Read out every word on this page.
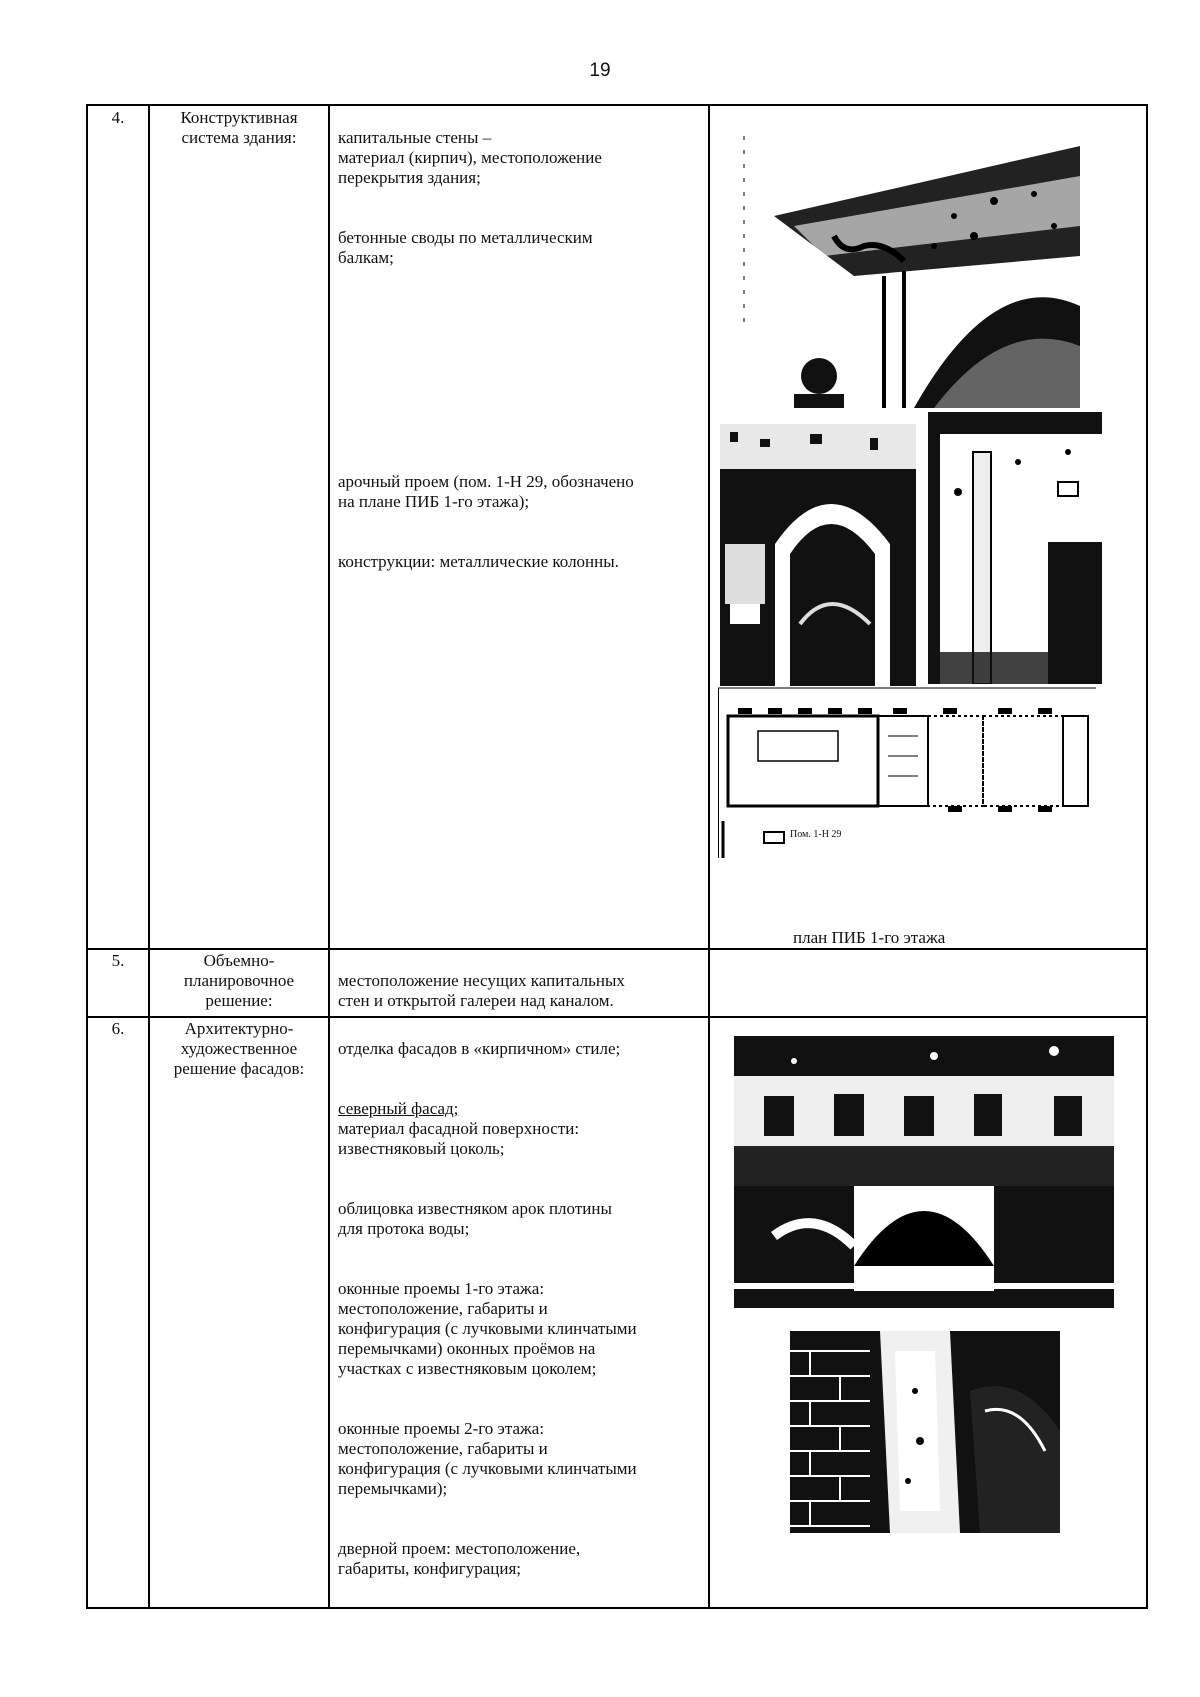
19
4.	Конструктивная система здания:	капитальные стены –
материал (кирпич), местоположение
перекрытия здания;

бетонные своды по металлическим
балкам;

арочный проем (пом. 1-Н 29, обозначено
на плане ПИБ 1-го этажа);

конструкции: металлические колонны.

Пом. 1-Н 29
план ПИБ 1-го этажа
5.	Объемно-
планировочное
решение:

местоположение несущих капитальных
стен и открытой галереи над каналом.

6.	Архитектурно-
художественное
решение фасадов:

отделка фасадов в «кирпичном» стиле;

северный фасад;
материал фасадной поверхности:
известняковый цоколь;

облицовка известняком арок плотины
для протока воды;

оконные проемы 1-го этажа:
местоположение, габариты и
конфигурация (с лучковыми клинчатыми
перемычками) оконных проёмов на
участках с известняковым цоколем;

оконные проемы 2-го этажа:
местоположение, габариты и
конфигурация (с лучковыми клинчатыми
перемычками);

дверной проем: местоположение,
габариты, конфигурация;
